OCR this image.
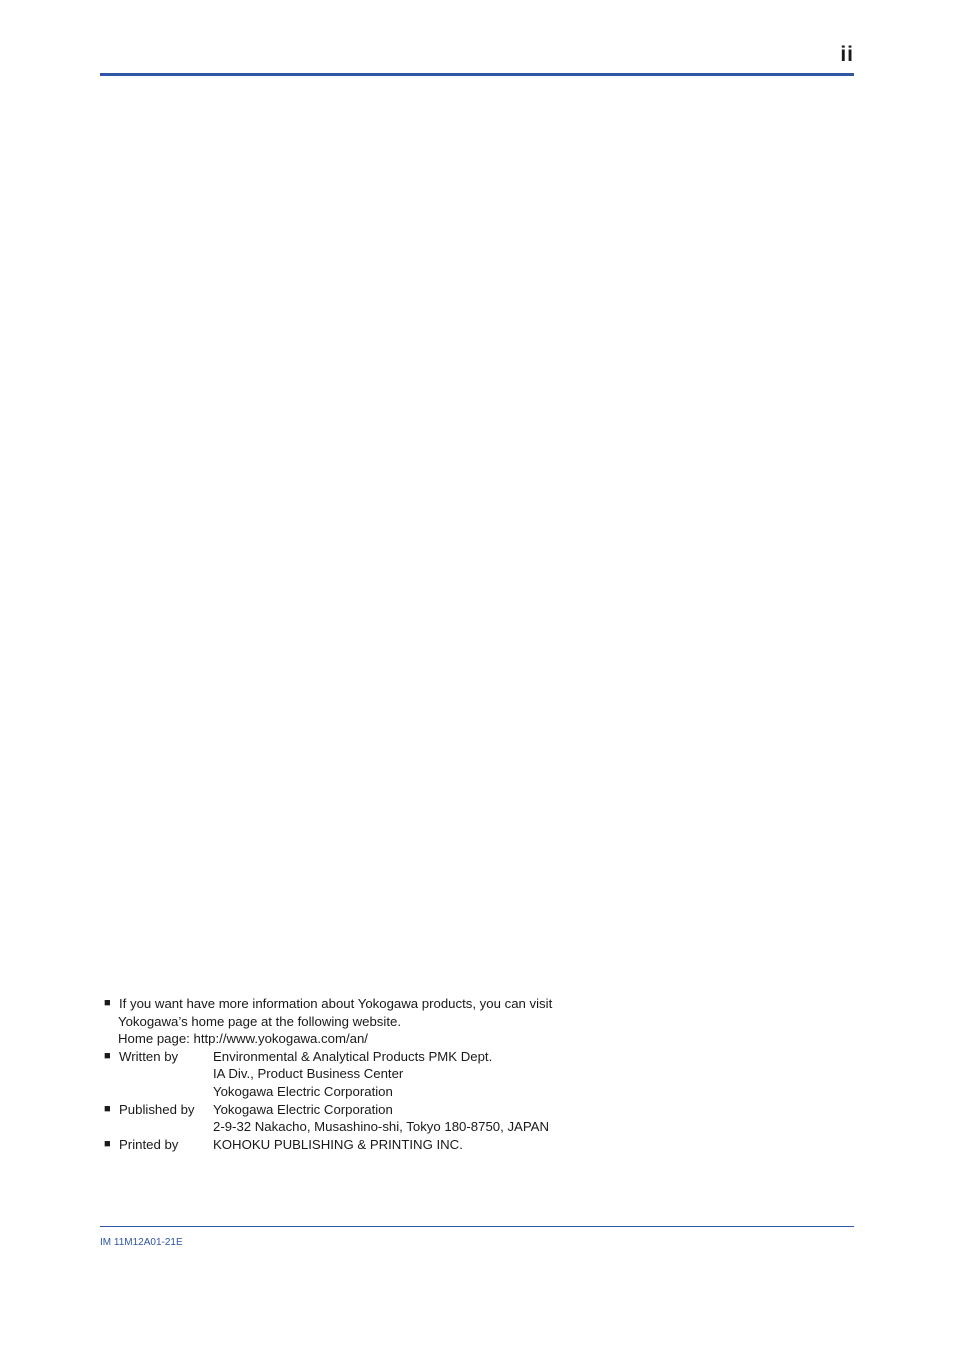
ii
■ If you want have more information about Yokogawa products, you can visit
Yokogawa’s home page at the following website.
Home page: http://www.yokogawa.com/an/
■ Written by	Environmental & Analytical Products PMK Dept.
IA Div., Product Business Center
Yokogawa Electric Corporation
■ Published by	Yokogawa Electric Corporation
2-9-32 Nakacho, Musashino-shi, Tokyo 180-8750, JAPAN
■ Printed by	KOHOKU PUBLISHING & PRINTING INC.
IM 11M12A01-21E
